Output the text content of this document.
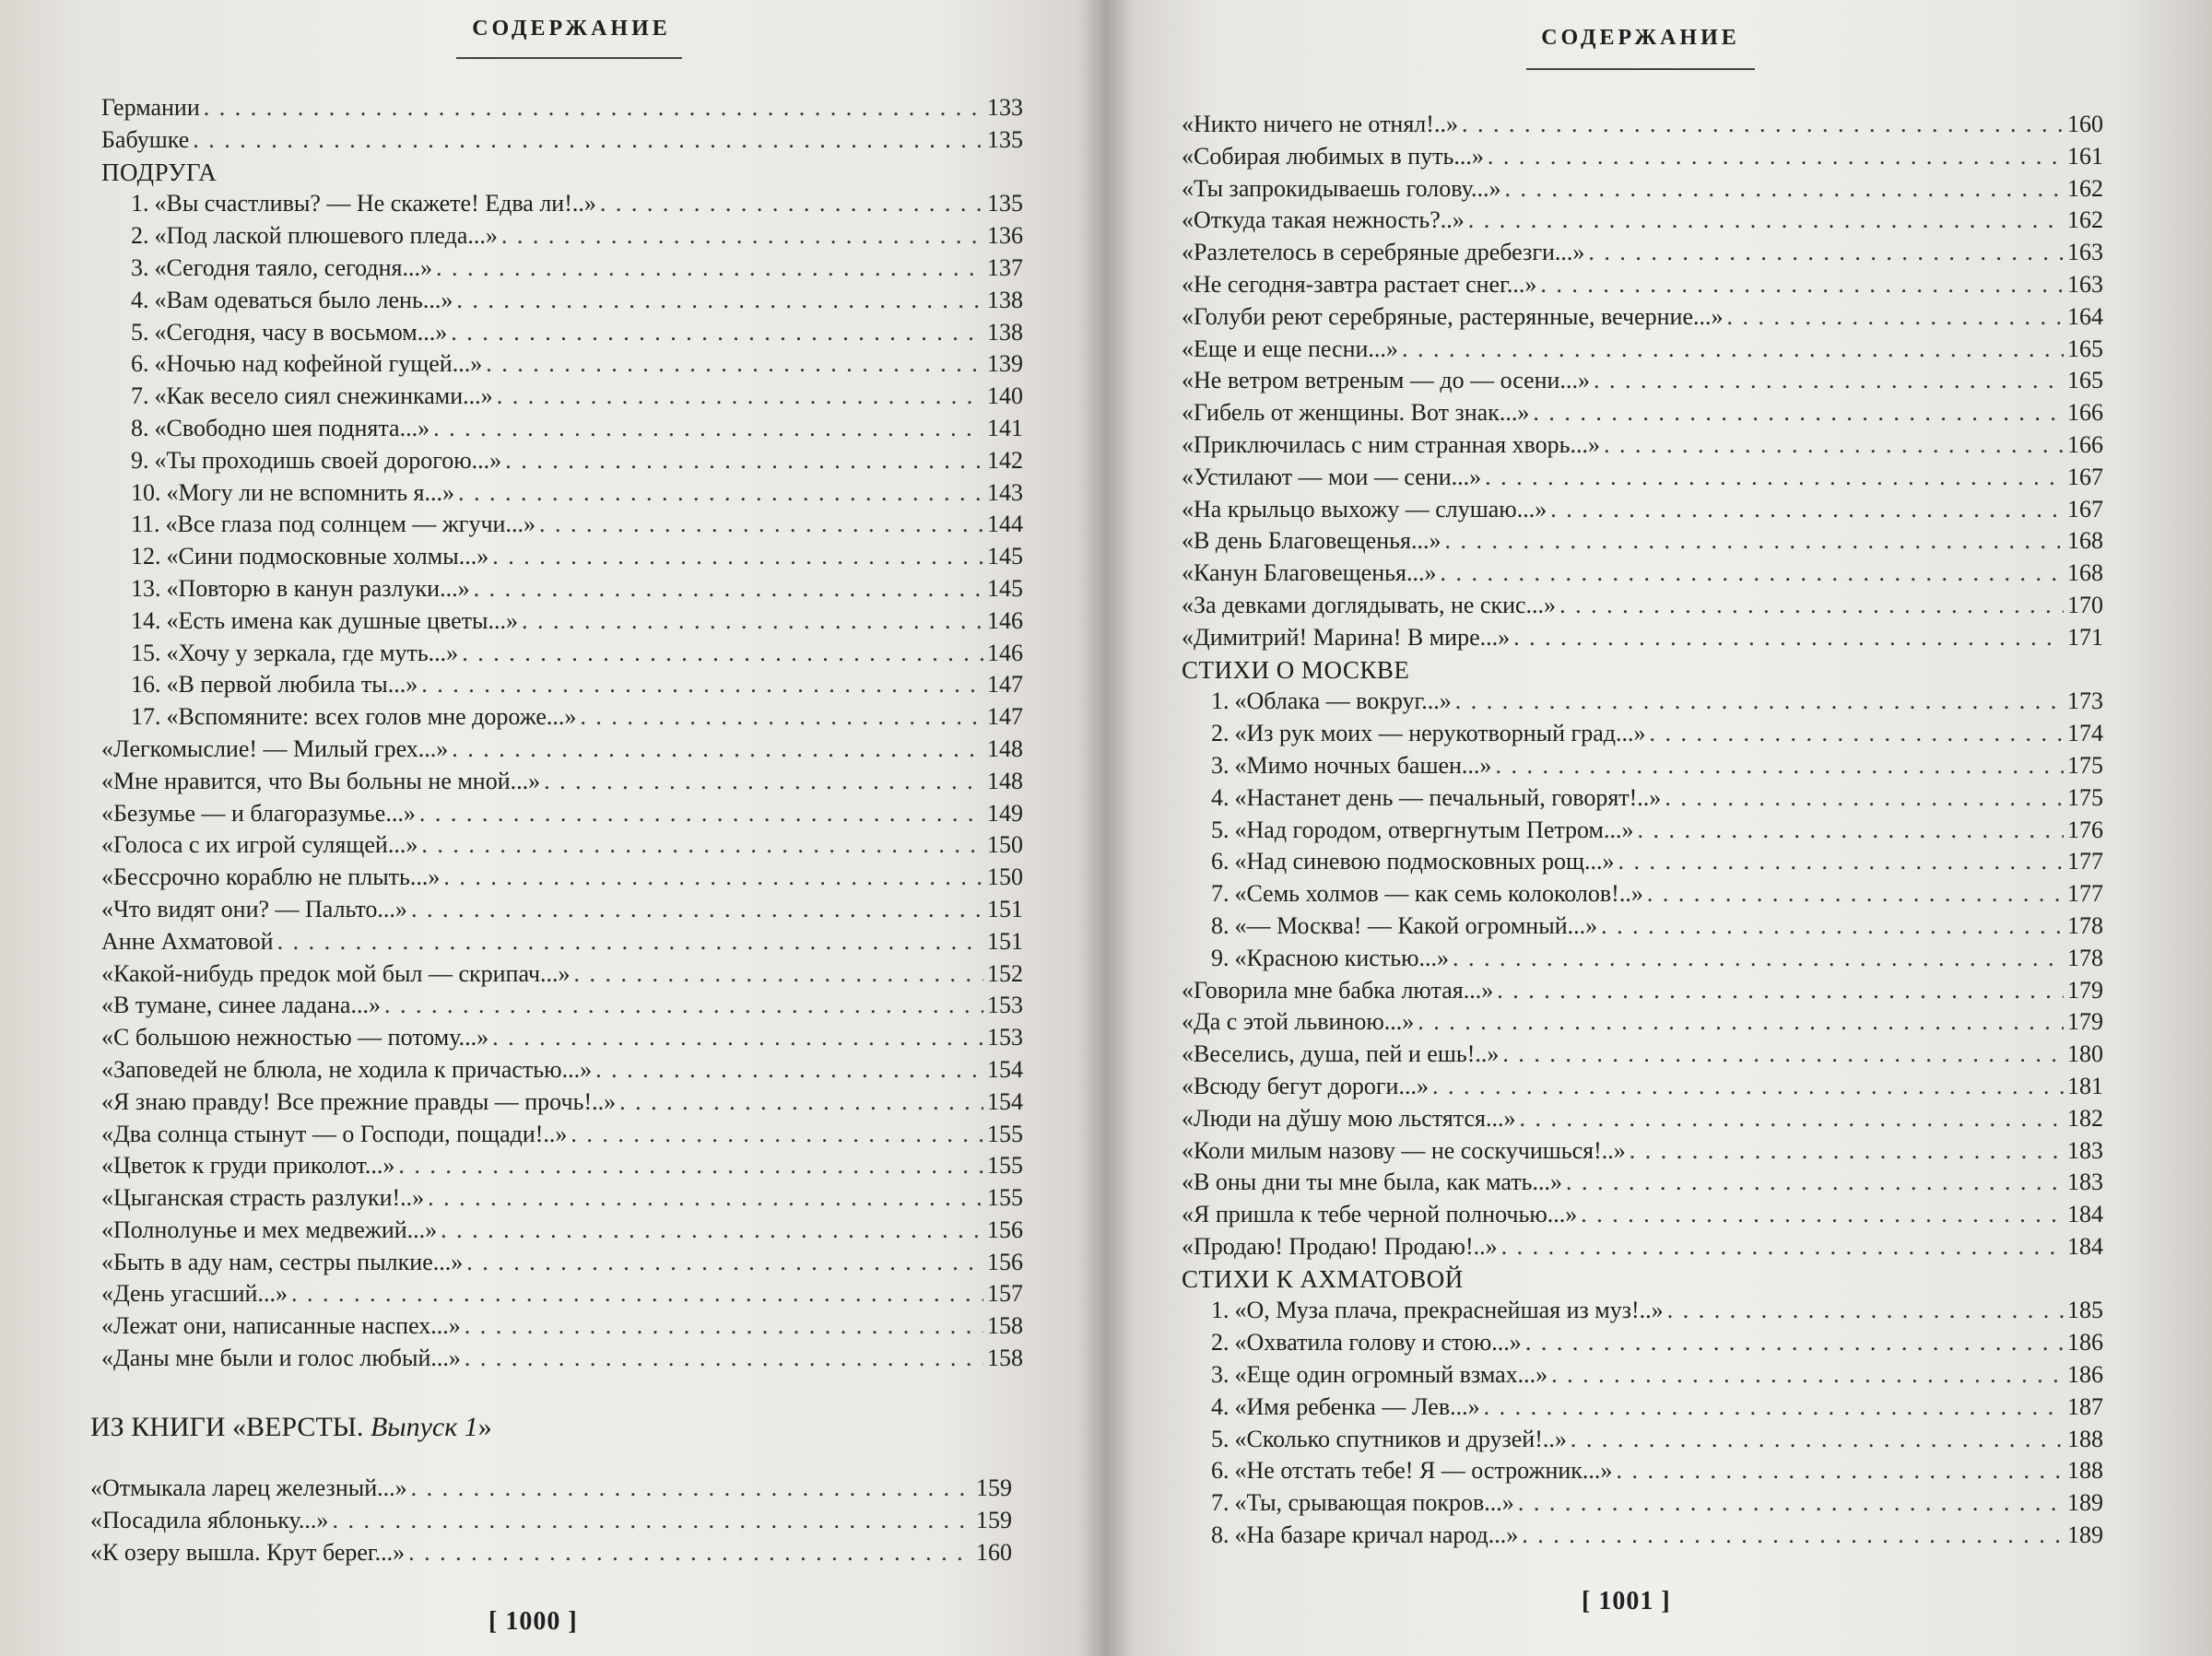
СОДЕРЖАНИЕ
Германии . . .	133
Бабушке . . .	135
ПОДРУГА
1. «Вы счастливы? — Не скажете! Едва ли!..» . . .	135
2. «Под лаской плюшевого пледа...» . . .	136
3. «Сегодня таяло, сегодня...» . . .	137
4. «Вам одеваться было лень...» . . .	138
5. «Сегодня, часу в восьмом...» . . .	138
6. «Ночью над кофейной гущей...» . . .	139
7. «Как весело сиял снежинками...» . . .	140
8. «Свободно шея поднята...» . . .	141
9. «Ты проходишь своей дорогою...» . . .	142
10. «Могу ли не вспомнить я...» . . .	143
11. «Все глаза под солнцем — жгучи...» . . .	144
12. «Сини подмосковные холмы...» . . .	145
13. «Повторю в канун разлуки...» . . .	145
14. «Есть имена как душные цветы...» . . .	146
15. «Хочу у зеркала, где муть...» . . .	146
16. «В первой любила ты...» . . .	147
17. «Вспомяните: всех голов мне дороже...» . . .	147
«Легкомыслие! — Милый грех...» . . .	148
«Мне нравится, что Вы больны не мной...» . . .	148
«Безумье — и благоразумье...» . . .	149
«Голоса с их игрой сулящей...» . . .	150
«Бессрочно кораблю не плыть...» . . .	150
«Что видят они? — Пальто...» . . .	151
Анне Ахматовой . . .	151
«Какой-нибудь предок мой был — скрипач...» . . .	152
«В тумане, синее ладана...» . . .	153
«С большою нежностью — потому...» . . .	153
«Заповедей не блюла, не ходила к причастью...» . . .	154
«Я знаю правду! Все прежние правды — прочь!..» . . .	154
«Два солнца стынут — о Господи, пощади!..» . . .	155
«Цветок к груди приколот...» . . .	155
«Цыганская страсть разлуки!..» . . .	155
«Полнолунье и мех медвежий...» . . .	156
«Быть в аду нам, сестры пылкие...» . . .	156
«День угасший...» . . .	157
«Лежат они, написанные наспех...» . . .	158
«Даны мне были и голос любый...» . . .	158
ИЗ КНИГИ «ВЕРСТЫ. Выпуск 1»
«Отмыкала ларец железный...» . . .	159
«Посадила яблоньку...» . . .	159
«К озеру вышла. Крут берег...» . . .	160
[ 1000 ]
СОДЕРЖАНИЕ
«Никто ничего не отнял!..» . . .	160
«Собирая любимых в путь...» . . .	161
«Ты запрокидываешь голову...» . . .	162
«Откуда такая нежность?..» . . .	162
«Разлетелось в серебряные дребезги...» . . .	163
«Не сегодня-завтра растает снег...» . . .	163
«Голуби реют серебряные, растерянные, вечерние...» . . .	164
«Еще и еще песни...» . . .	165
«Не ветром ветреным — до — осени...» . . .	165
«Гибель от женщины. Вот знак...» . . .	166
«Приключилась с ним странная хворь...» . . .	166
«Устилают — мои — сени...» . . .	167
«На крыльцо выхожу — слушаю...» . . .	167
«В день Благовещенья...» . . .	168
«Канун Благовещенья...» . . .	168
«За девками доглядывать, не скис...» . . .	170
«Димитрий! Марина! В мире...» . . .	171
СТИХИ О МОСКВЕ
1. «Облака — вокруг...» . . .	173
2. «Из рук моих — нерукотворный град...» . . .	174
3. «Мимо ночных башен...» . . .	175
4. «Настанет день — печальный, говорят!..» . . .	175
5. «Над городом, отвергнутым Петром...» . . .	176
6. «Над синевою подмосковных рощ...» . . .	177
7. «Семь холмов — как семь колоколов!..» . . .	177
8. «— Москва! — Какой огромный...» . . .	178
9. «Красною кистью...» . . .	178
«Говорила мне бабка лютая...» . . .	179
«Да с этой львиною...» . . .	179
«Веселись, душа, пей и ешь!..» . . .	180
«Всюду бегут дороги...» . . .	181
«Люди на дўшу мою льстятся...» . . .	182
«Коли милым назову — не соскучишься!..» . . .	183
«В оны дни ты мне была, как мать...» . . .	183
«Я пришла к тебе черной полночью...» . . .	184
«Продаю! Продаю! Продаю!..» . . .	184
СТИХИ К АХМАТОВОЙ
1. «О, Муза плача, прекраснейшая из муз!..» . . .	185
2. «Охватила голову и стою...» . . .	186
3. «Еще один огромный взмах...» . . .	186
4. «Имя ребенка — Лев...» . . .	187
5. «Сколько спутников и друзей!..» . . .	188
6. «Не отстать тебе! Я — острожник...» . . .	188
7. «Ты, срывающая покров...» . . .	189
8. «На базаре кричал народ...» . . .	189
[ 1001 ]
